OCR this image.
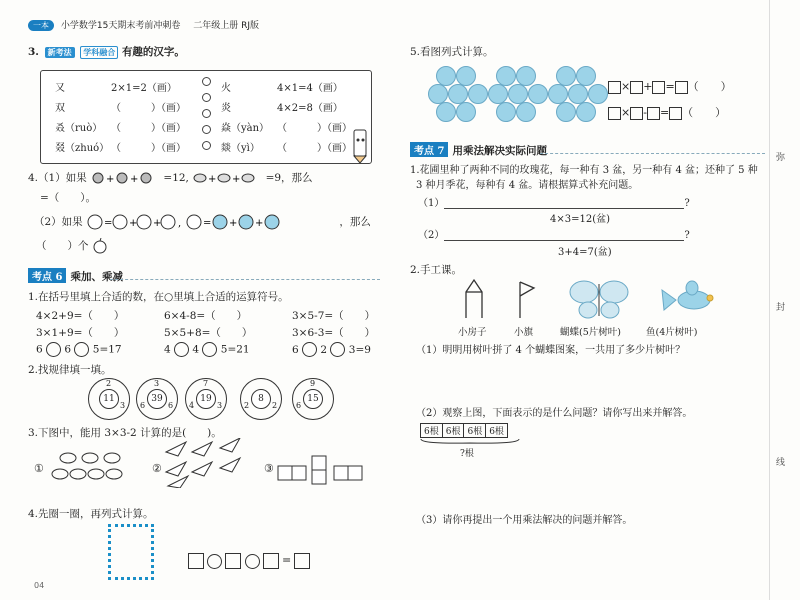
一本 小学数学15天期末考前冲刺卷 二年级上册 RJ版
3. 新考法 学科融合 有趣的汉字。
又	2×1=2（画）	火	4×1=4（画）
双	（　　　）（画）	炎	4×2=8（画）
叒（ruò） （　　　）（画）	焱（yàn） （　　　）（画）
叕（zhuó） （　　　）（画）	燚（yì） （　　　）（画）
4.（1）如果 + + =12, + + =9，那么
=（　　）。
（2）如果 = + + , = + +	，那么
（　　）个
考点 6 乘加、乘减
1.在括号里填上合适的数，在○里填上合适的运算符号。
4×2+9=（　　）	6×4-8=（　　）	3×5-7=（　　）
3×1+9=（　　）	5×5+8=（　　）	3×6-3=（　　）
6 6 5=17	4 4 5=21	6 2 3=9
2.找规律填一填。
2
3
11
3
6	6
39
7
4	3
19
2	2
8
9
6
15
3.下图中，能用 3×3-2 计算的是(　　)。
①	②	③
4.先圈一圈，再列式计算。
=
04
5.看图列式计算。
× + = （　　）
× - = （　　）
考点 7 用乘法解决实际问题
1.花圃里种了两种不同的玫瑰花，每一种有 3 盆，另一种有 4 盆；还种了 5 种
3 种月季花，每种有 4 盆。请根据算式补充问题。
（1）	?
4×3=12(盆)
（2）	?
3+4=7(盆)
2.手工课。
小房子	小旗	蝴蝶(5片树叶)	鱼(4片树叶)
（1）明明用树叶拼了 4 个蝴蝶图案，一共用了多少片树叶？
（2）观察上图，下面表示的是什么问题？请你写出来并解答。
6根 6根 6根 6根
?根
（3）请你再提出一个用乘法解决的问题并解答。
弥
封
线
